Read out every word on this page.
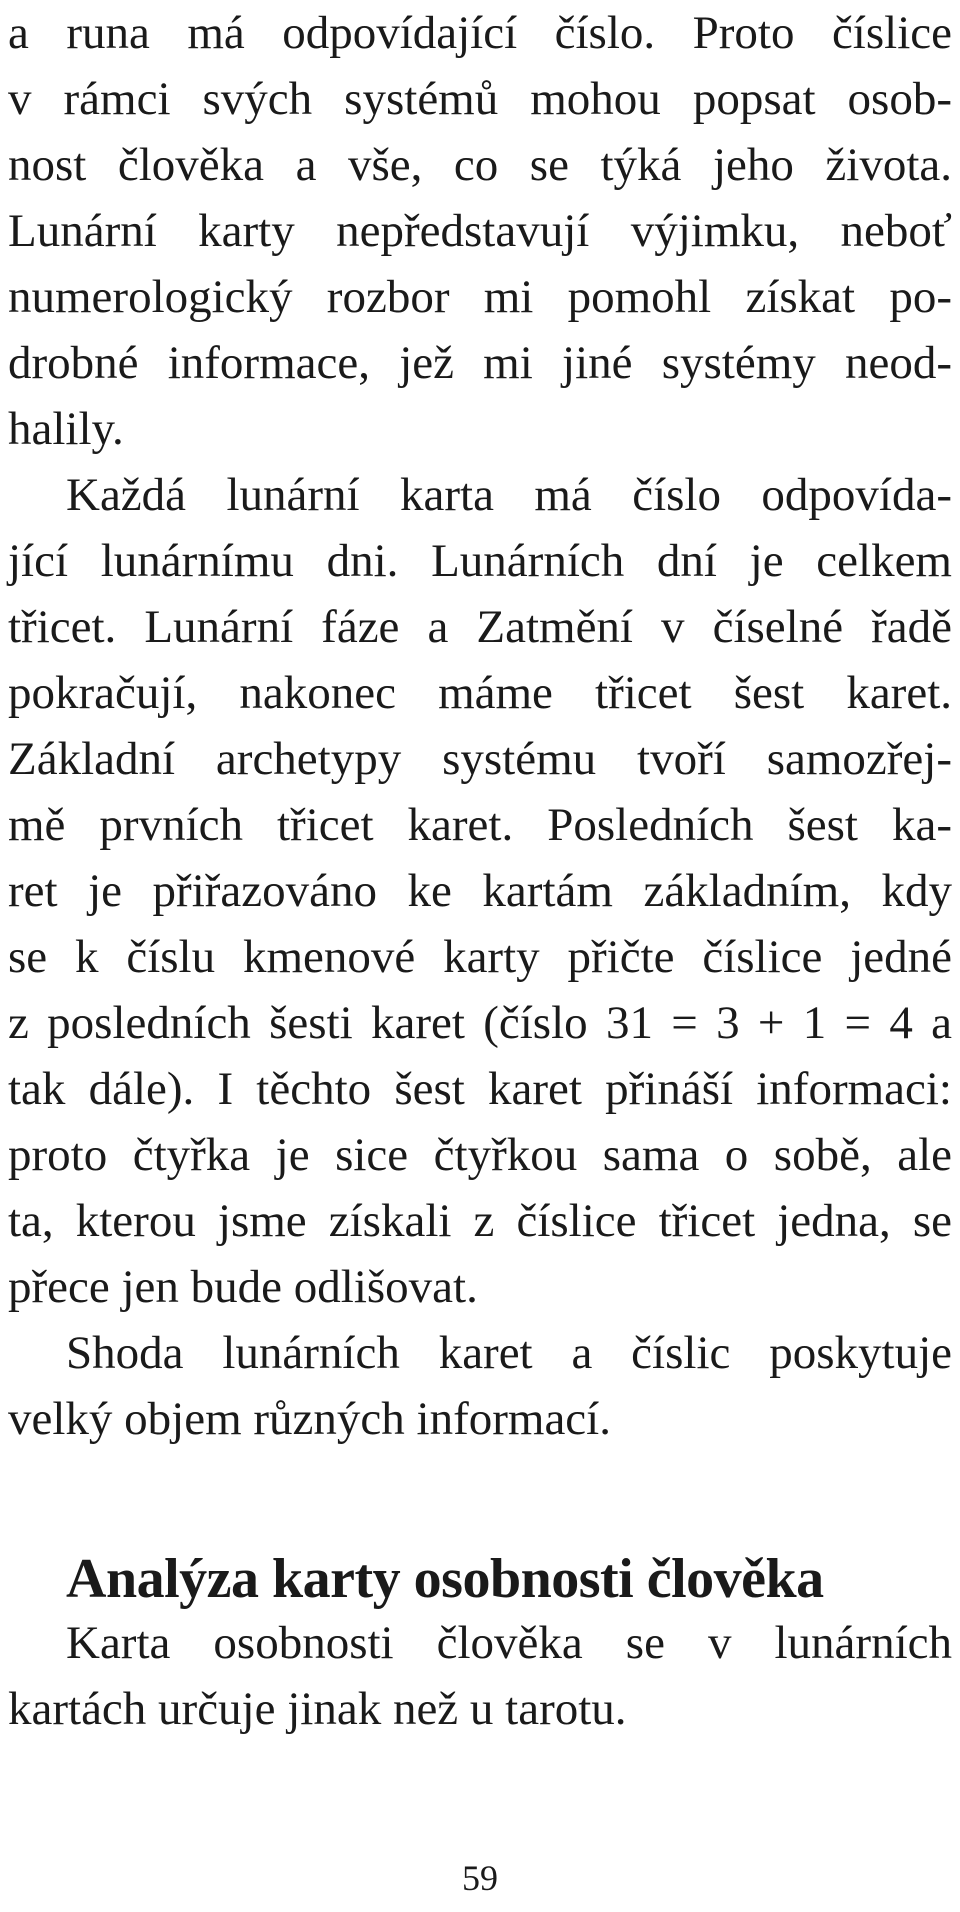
a runa má odpovídající číslo. Proto číslice
v rámci svých systémů mohou popsat osob-
nost člověka a vše, co se týká jeho života.
Lunární karty nepředstavují výjimku, neboť
numerologický rozbor mi pomohl získat po-
drobné informace, jež mi jiné systémy neod-
halily.
Každá lunární karta má číslo odpovída-
jící lunárnímu dni. Lunárních dní je celkem
třicet. Lunární fáze a Zatmění v číselné řadě
pokračují, nakonec máme třicet šest karet.
Základní archetypy systému tvoří samozřej-
mě prvních třicet karet. Posledních šest ka-
ret je přiřazováno ke kartám základním, kdy
se k číslu kmenové karty přičte číslice jedné
z posledních šesti karet (číslo 31 = 3 + 1 = 4 a
tak dále). I těchto šest karet přináší informaci:
proto čtyřka je sice čtyřkou sama o sobě, ale
ta, kterou jsme získali z číslice třicet jedna, se
přece jen bude odlišovat.
Shoda lunárních karet a číslic poskytuje
velký objem různých informací.
Analýza karty osobnosti člověka
Karta osobnosti člověka se v lunárních
kartách určuje jinak než u tarotu.
59
